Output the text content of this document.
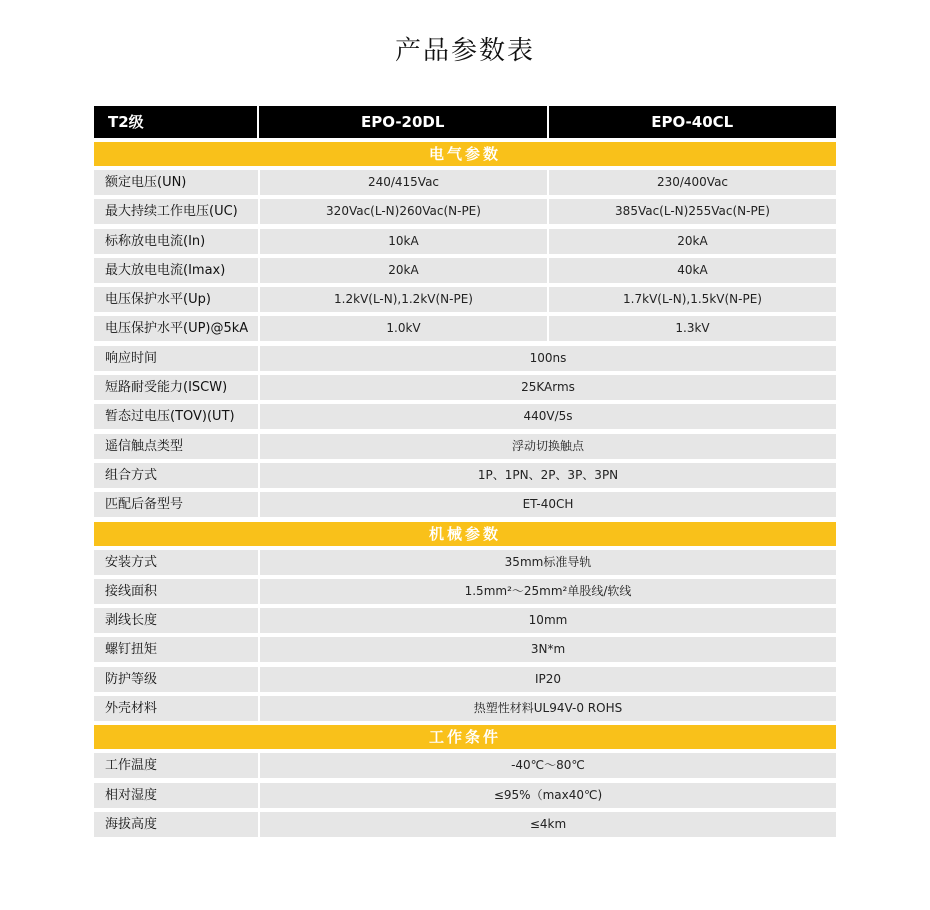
产品参数表
T2级	EPO-20DL	EPO-40CL
电气参数
额定电压(UN)	240/415Vac	230/400Vac
最大持续工作电压(UC)	320Vac(L-N)260Vac(N-PE)	385Vac(L-N)255Vac(N-PE)
标称放电电流(In)	10kA	20kA
最大放电电流(Imax)	20kA	40kA
电压保护水平(Up)	1.2kV(L-N),1.2kV(N-PE)	1.7kV(L-N),1.5kV(N-PE)
电压保护水平(UP)@5kA	1.0kV	1.3kV
响应时间	100ns
短路耐受能力(ISCW)	25KArms
暂态过电压(TOV)(UT)	440V/5s
遥信触点类型	浮动切换触点
组合方式	1P、1PN、2P、3P、3PN
匹配后备型号	ET-40CH
机械参数
安装方式	35mm标准导轨
接线面积	1.5mm²～25mm²单股线/软线
剥线长度	10mm
螺钉扭矩	3N*m
防护等级	IP20
外壳材料	热塑性材料UL94V-0 ROHS
工作条件
工作温度	-40℃～80℃
相对湿度	≤95%（max40℃)
海拔高度	≤4km
